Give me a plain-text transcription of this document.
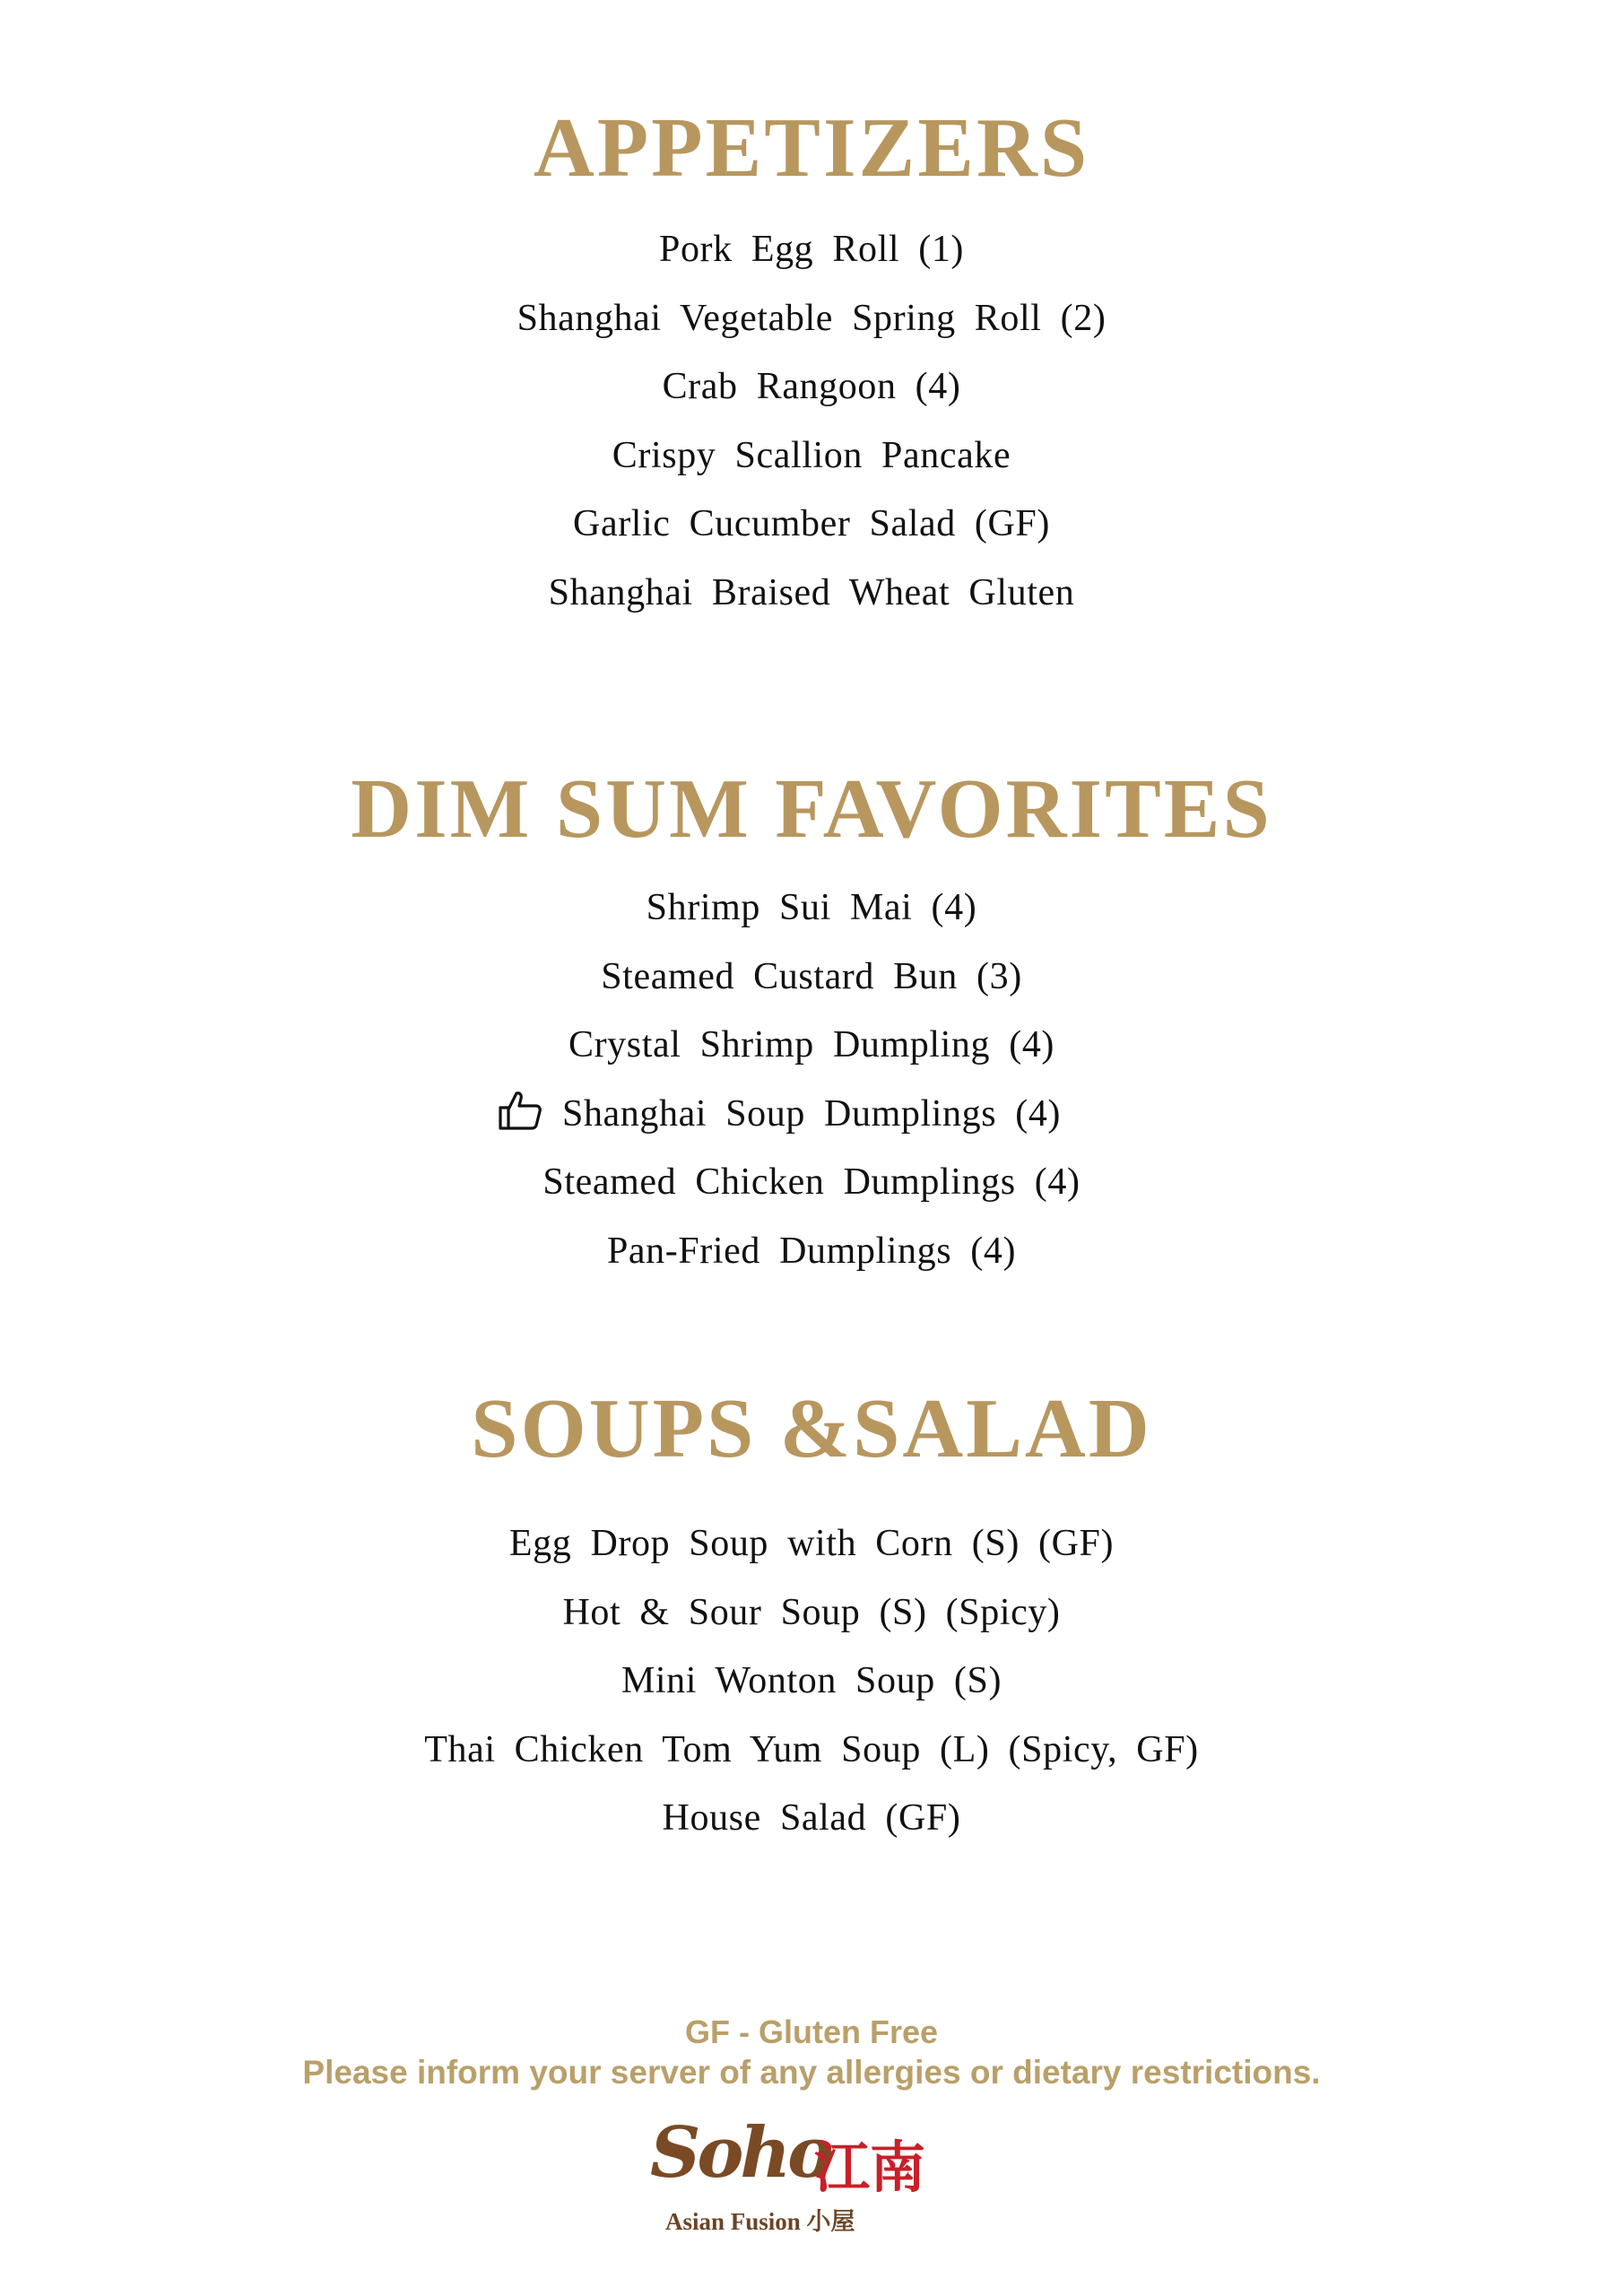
APPETIZERS
Pork Egg Roll (1)
Shanghai Vegetable Spring Roll (2)
Crab Rangoon (4)
Crispy Scallion Pancake
Garlic Cucumber Salad (GF)
Shanghai Braised Wheat Gluten
DIM SUM FAVORITES
Shrimp Sui Mai (4)
Steamed Custard Bun (3)
Crystal Shrimp Dumpling (4)
Shanghai Soup Dumplings (4)
Steamed Chicken Dumplings (4)
Pan-Fried Dumplings (4)
SOUPS &SALAD
Egg Drop Soup with Corn (S) (GF)
Hot & Sour Soup (S) (Spicy)
Mini Wonton Soup (S)
Thai Chicken Tom Yum Soup (L) (Spicy, GF)
House Salad (GF)
GF - Gluten Free
Please inform your server of any allergies or dietary restrictions.
Soho
江南
Asian Fusion 小屋
